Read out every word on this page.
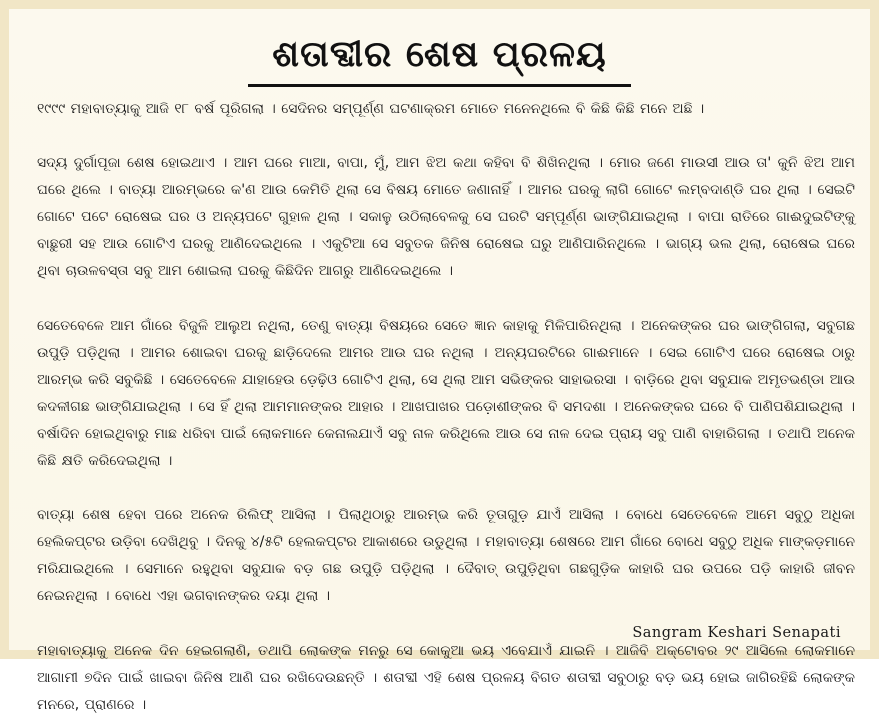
ଶତାବ୍ଦୀର ଶେଷ ପ୍ରଳୟ

୧୯୯୯ ମହାବାତ୍ୟାକୁ ଆଜି ୧୮ ବର୍ଷ ପୂରିଗଲା । ସେଦିନର ସମ୍ପୂର୍ଣ୍ଣ ଘଟଣାକ୍ରମ ମୋତେ ମନେନଥିଲେ ବି କିଛି କିଛି ମନେ ଅଛି ।

ସଦ୍ୟ ଦୁର୍ଗାପୂଜା ଶେଷ ହୋଇଥାଏ । ଆମ ଘରେ ମାଆ, ବାପା, ମୁଁ, ଆମ ଝିଅ କଥା କହିବା ବି ଶିଖିନଥିଲା । ମୋର ଜଣେ ମାଉସୀ ଆଉ ତା' କୁନି ଝିଅ ଆମ ଘରେ ଥିଲେ । ବାତ୍ୟା ଆରମ୍ଭରେ କ'ଣ ଆଉ କେମିତି ଥିଲା ସେ ବିଷୟ ମୋତେ ଜଣାନାହିଁ । ଆମର ଘରକୁ ଲାଗି ଗୋଟେ ଲମ୍ବଦାଣ୍ଡି ଘର ଥିଲା । ସେଇଟି ଗୋଟେ ପଟେ ରୋଷେଇ ଘର ଓ ଅନ୍ୟପଟେ ଗୁହାଳ ଥିଲା । ସକାଳୁ ଉଠିଲାବେଳକୁ ସେ ଘରଟି ସମ୍ପୂର୍ଣ୍ଣ ଭାଙ୍ଗିଯାଇଥିଲା । ବାପା ରାତିରେ ଗାଈଦୁଇଟିଙ୍କୁ ବାଛୁରୀ ସହ ଆଉ ଗୋଟିଏ ଘରକୁ ଆଣିଦେଇଥିଲେ । ଏକୁଟିଆ ସେ ସବୁତକ ଜିନିଷ ରୋଷେଇ ଘରୁ ଆଣିପାରିନଥିଲେ । ଭାଗ୍ୟ ଭଲ ଥିଲା, ରୋଷେଇ ଘରେ ଥିବା ଚାଉଳବସ୍ତା ସବୁ ଆମ ଶୋଇଲା ଘରକୁ କିଛିଦିନ ଆଗରୁ ଆଣିଦେଇଥିଲେ ।

ସେତେବେଳେ ଆମ ଗାଁରେ ବିଜୁଳି ଆଲୁଅ ନଥିଲା, ତେଣୁ ବାତ୍ୟା ବିଷୟରେ ସେତେ ଜ୍ଞାନ କାହାକୁ ମିଳିପାରିନଥିଲା । ଅନେକଙ୍କର ଘର ଭାଙ୍ଗିଗଲା, ସବୁଗଛ ଉପୁଡ଼ି ପଡ଼ିଥିଲା । ଆମର ଶୋଇବା ଘରକୁ ଛାଡ଼ିଦେଲେ ଆମର ଆଉ ଘର ନଥିଲା । ଅନ୍ୟଘରଟିରେ ଗାଈମାନେ । ସେଇ ଗୋଟିଏ ଘରେ ରୋଷେଇ ଠାରୁ ଆରମ୍ଭ କରି ସବୁକିଛି । ସେତେବେଳେ ଯାହାହେଉ ଡ଼େଢ଼ିଓ ଗୋଟିଏ ଥିଲା, ସେ ଥିଲା ଆମ ସଭିଙ୍କର ସାହାଭରସା । ବାଡ଼ିରେ ଥିବା ସବୁଯାକ ଅମୃତଭଣ୍ଡା ଆଉ କଦଳୀଗଛ ଭାଙ୍ଗିଯାଇଥିଲା । ସେ ହିଁ ଥିଲା ଆମମାନଙ୍କର ଆହାର । ଆଖପାଖର ପଡ଼ୋଶୀଙ୍କର ବି ସମଦଶା । ଅନେକଙ୍କର ଘରେ ବି ପାଣିପଶିଯାଇଥିଲା । ବର୍ଷାଦିନ ହୋଇଥିବାରୁ ମାଛ ଧରିବା ପାଇଁ ଲୋକମାନେ କେନାଲଯାଏଁ ସବୁ ନାଳ କରିଥିଲେ ଆଉ ସେ ନାଳ ଦେଇ ପ୍ରାୟ ସବୁ ପାଣି ବାହାରିଗଲା । ତଥାପି ଅନେକ କିଛି କ୍ଷତି କରିଦେଇଥିଲା ।

ବାତ୍ୟା ଶେଷ ହେବା ପରେ ଅନେକ ରିଲିଫ୍ ଆସିଲା । ପିଲାଥିଠାରୁ ଆରମ୍ଭ କରି ତୂତାଗୁଡ଼ ଯାଏଁ ଆସିଲା । ବୋଧେ ସେତେବେଳେ ଆମେ ସବୁଠୁ ଅଧିକା ହେଲିକପ୍ଟର ଉଡ଼ିବା ଦେଖିଥିବୁ । ଦିନକୁ ୪/୫ଟି ହେଲକପ୍ଟର ଆକାଶରେ ଉଡୁଥିଲା । ମହାବାତ୍ୟା ଶେଷରେ ଆମ ଗାଁରେ ବୋଧେ ସବୁଠୁ ଅଧିକ ମାଙ୍କଡ଼ମାନେ ମରିଯାଇଥିଲେ । ସେମାନେ ରହୁଥିବା ସବୁଯାକ ବଡ଼ ଗଛ ଉପୁଡ଼ି ପଡ଼ିଥିଲା । ଦୈବାତ୍ ଉପୁଡ଼ିଥିବା ଗଛଗୁଡ଼ିକ କାହାରି ଘର ଉପରେ ପଡ଼ି କାହାରି ଜୀବନ ନେଇନଥିଲା । ବୋଧେ ଏହା ଭଗବାନଙ୍କର ଦୟା ଥିଲା ।

ମହାବାତ୍ୟାକୁ ଅନେକ ଦିନ ହେଇଗଲାଣି, ତଥାପି ଲୋକଙ୍କ ମନରୁ ସେ କୋକୁଆ ଭୟ ଏବେଯାଏଁ ଯାଇନି । ଆଜିବି ଅକ୍ଟୋବର ୨୯ ଆସିଲେ ଲୋକମାନେ ଆଗାମୀ ୭ଦିନ ପାଇଁ ଖାଇବା ଜିନିଷ ଆଣି ଘର ରଖିଦେଉଛନ୍ତି । ଶତାବ୍ଦୀ ଏହି ଶେଷ ପ୍ରଳୟ ବିଗତ ଶତାବ୍ଦୀ ସବୁଠାରୁ ବଡ଼ ଭୟ ହୋଇ ଜାଗିରହିଛି ଲୋକଙ୍କ ମନରେ, ପ୍ରାଣରେ ।

Sangram Keshari Senapati
